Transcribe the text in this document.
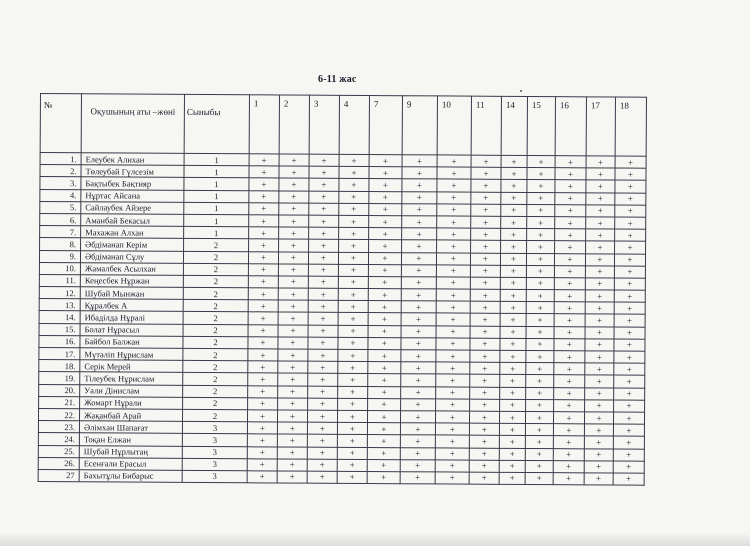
6-11 жас
№	Оқушының аты –жөні	Сыныбы	1	2	3	4	7	9	10	11	14	15	16	17	18
1.	Елеубек Алихан	1	+	+	+	+	+	+	+	+	+	+	+	+	+
2.	Төлеубай Гүлсезім	1	+	+	+	+	+	+	+	+	+	+	+	+	+
3.	Бақтыбек Бақтияр	1	+	+	+	+	+	+	+	+	+	+	+	+	+
4.	Нұртас Айсана	1	+	+	+	+	+	+	+	+	+	+	+	+	+
5.	Сайлаубек Айзере	1	+	+	+	+	+	+	+	+	+	+	+	+	+
6.	Аманбай Бекасыл	1	+	+	+	+	+	+	+	+	+	+	+	+	+
7.	Махажан Алхан	1	+	+	+	+	+	+	+	+	+	+	+	+	+
8.	Әбдіманап Керім	2	+	+	+	+	+	+	+	+	+	+	+	+	+
9.	Әбдіманап Сұлу	2	+	+	+	+	+	+	+	+	+	+	+	+	+
10.	Жамалбек Асылхан	2	+	+	+	+	+	+	+	+	+	+	+	+	+
11.	Кеңесбек Нұржан	2	+	+	+	+	+	+	+	+	+	+	+	+	+
12.	Шубай Мынжан	2	+	+	+	+	+	+	+	+	+	+	+	+	+
13.	Құралбек А	2	+	+	+	+	+	+	+	+	+	+	+	+	+
14.	Ибаділда Нұрәлі	2	+	+	+	+	+	+	+	+	+	+	+	+	+
15.	Болат Нұрасыл	2	+	+	+	+	+	+	+	+	+	+	+	+	+
16.	Байбол Балжан	2	+	+	+	+	+	+	+	+	+	+	+	+	+
17.	Мүтәліп Нұрислам	2	+	+	+	+	+	+	+	+	+	+	+	+	+
18.	Серік Мерей	2	+	+	+	+	+	+	+	+	+	+	+	+	+
19.	Тілеубек Нұрислам	2	+	+	+	+	+	+	+	+	+	+	+	+	+
20.	Уали Дінислам	2	+	+	+	+	+	+	+	+	+	+	+	+	+
21.	Жомарт Нұрали	2	+	+	+	+	+	+	+	+	+	+	+	+	+
22.	Жақанбай Арай	2	+	+	+	+	+	+	+	+	+	+	+	+	+
23.	Әлімхан Шапағат	3	+	+	+	+	+	+	+	+	+	+	+	+	+
24.	Тоқан Елжан	3	+	+	+	+	+	+	+	+	+	+	+	+	+
25.	Шубай Нұрлытаң	3	+	+	+	+	+	+	+	+	+	+	+	+	+
26.	Есенғали Ерасыл	3	+	+	+	+	+	+	+	+	+	+	+	+	+
27	Бахытұлы Бибарыс	3	+	+	+	+	+	+	+	+	+	+	+	+	+
